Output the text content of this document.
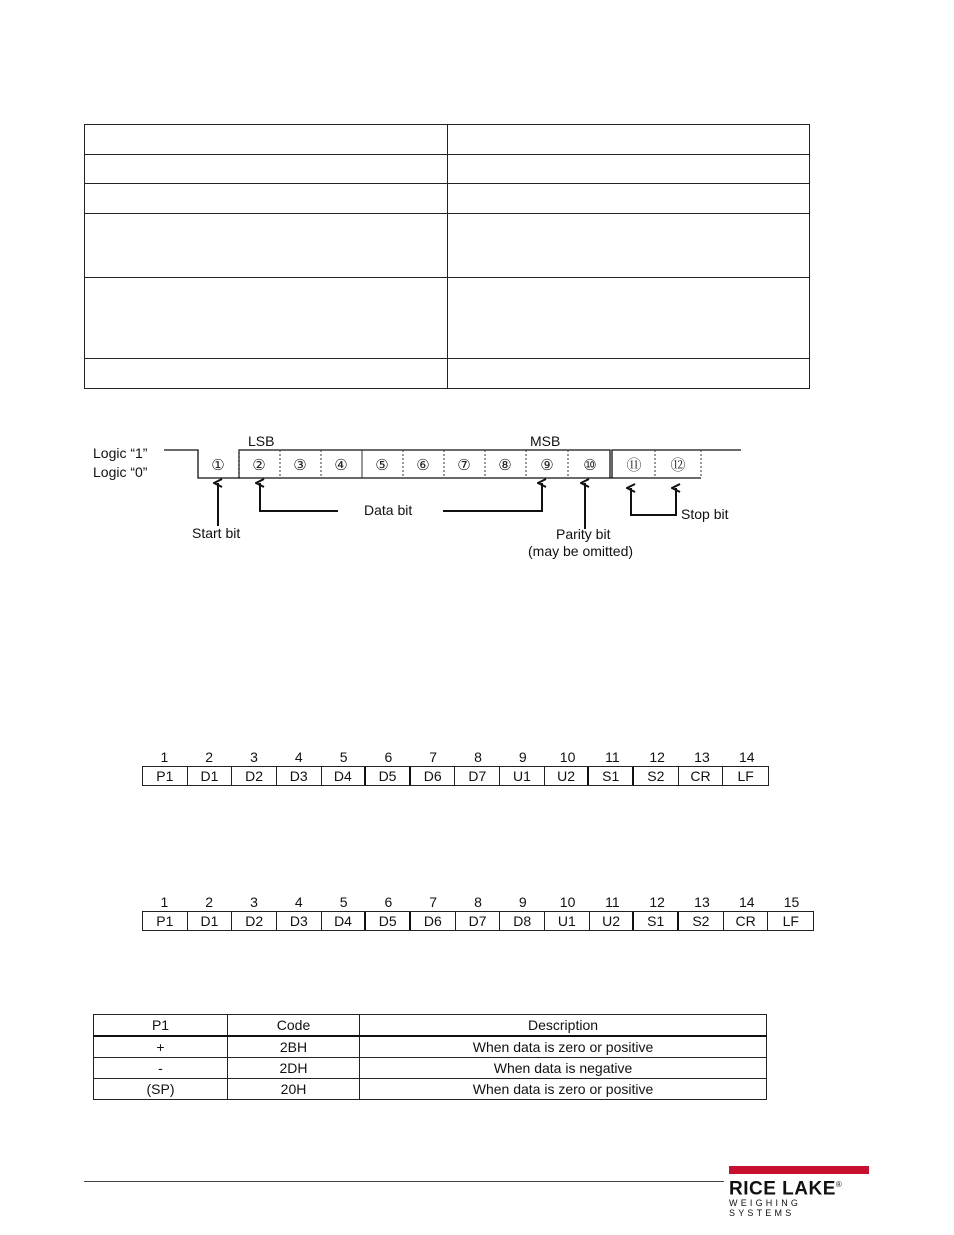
Logic “1”
Logic “0”
LSB	MSB
① ② ③ ④ ⑤ ⑥ ⑦ ⑧ ⑨ ⑩ ⑪ ⑫
Start bit
Data bit
Parity bit
(may be omitted)
Stop bit
1	2	3	4	5	6	7	8	9	10	11	12	13	14
P1	D1	D2	D3	D4	D5	D6	D7	U1	U2	S1	S2	CR	LF
1	2	3	4	5	6	7	8	9	10	11	12	13	14	15
P1	D1	D2	D3	D4	D5	D6	D7	D8	U1	U2	S1	S2	CR	LF
P1	Code	Description
+	2BH	When data is zero or positive
-	2DH	When data is negative
(SP)	20H	When data is zero or positive
RICE LAKE®
WEIGHING SYSTEMS
